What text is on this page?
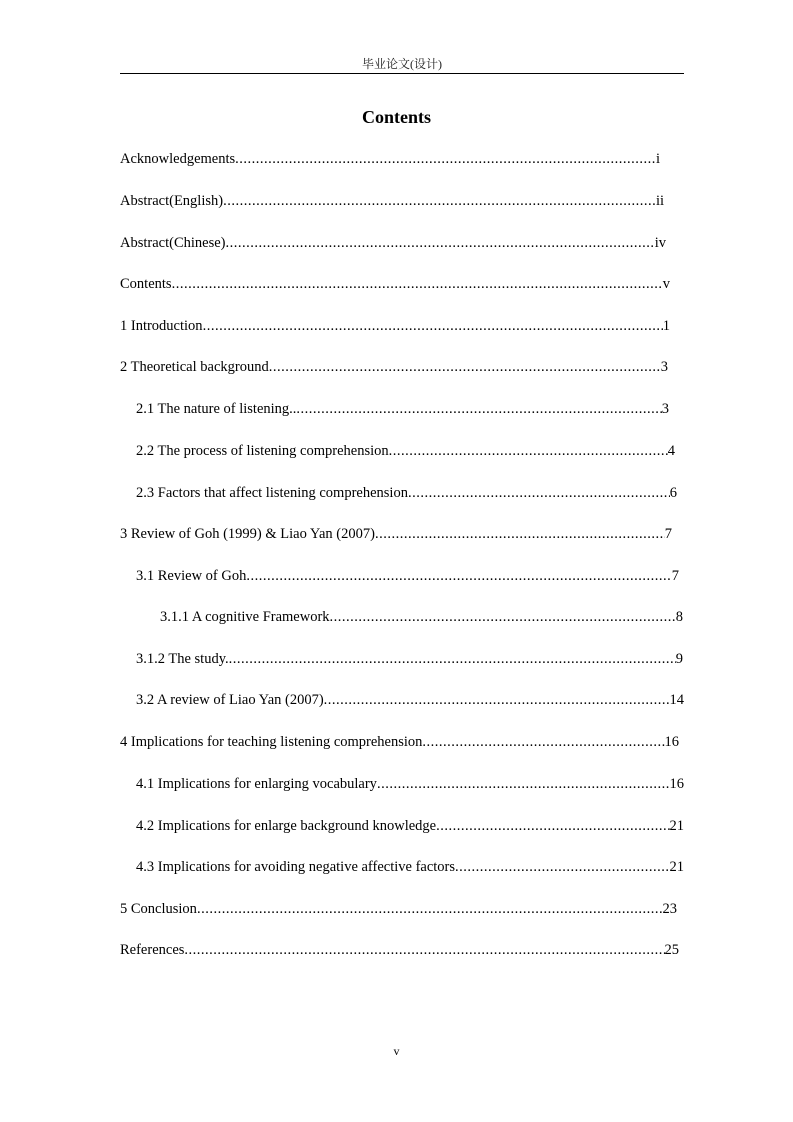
毕业论文(设计)
Contents
Acknowledgements .....	i
Abstract(English) .....	ii
Abstract(Chinese) .....	iv
Contents .....	v
1 Introduction .....	1
2 Theoretical background .....	3
2.1 The nature of listening.. .....	3
2.2 The process of listening comprehension .....	4
2.3 Factors that affect listening comprehension .....	6
3 Review of Goh (1999) & Liao Yan (2007) .....	7
3.1 Review of Goh .....	7
3.1.1 A cognitive Framework .....	8
3.1.2 The study. .....	9
3.2 A review of Liao Yan (2007) .....	14
4 Implications for teaching listening comprehension .....	16
4.1 Implications for enlarging vocabulary .....	16
4.2 Implications for enlarge background knowledge .....	21
4.3 Implications for avoiding negative affective factors .....	21
5 Conclusion .....	23
References .....	25
v
